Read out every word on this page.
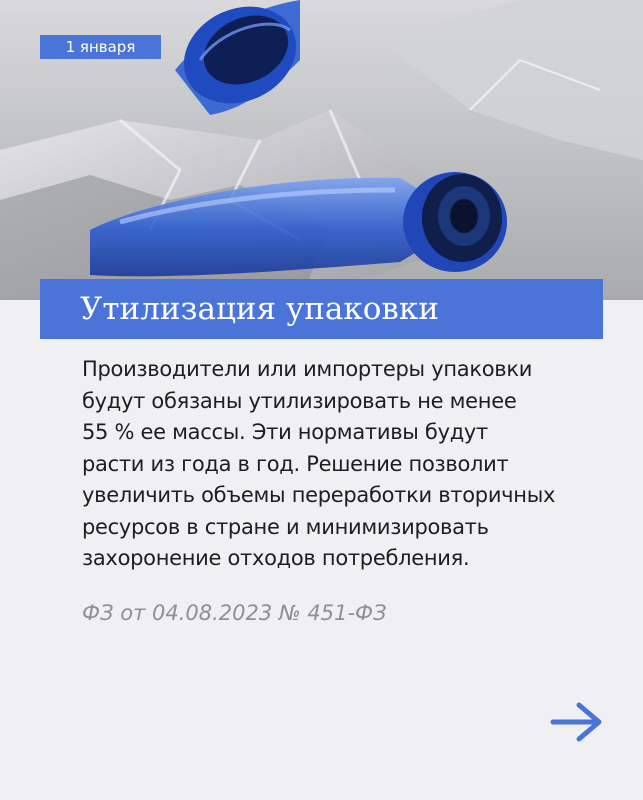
1 января
Утилизация упаковки

Производители или импортеры упаковки
будут обязаны утилизировать не менее
55 % ее массы. Эти нормативы будут
расти из года в год. Решение позволит
увеличить объемы переработки вторичных
ресурсов в стране и минимизировать
захоронение отходов потребления.

ФЗ от 04.08.2023 № 451-ФЗ
